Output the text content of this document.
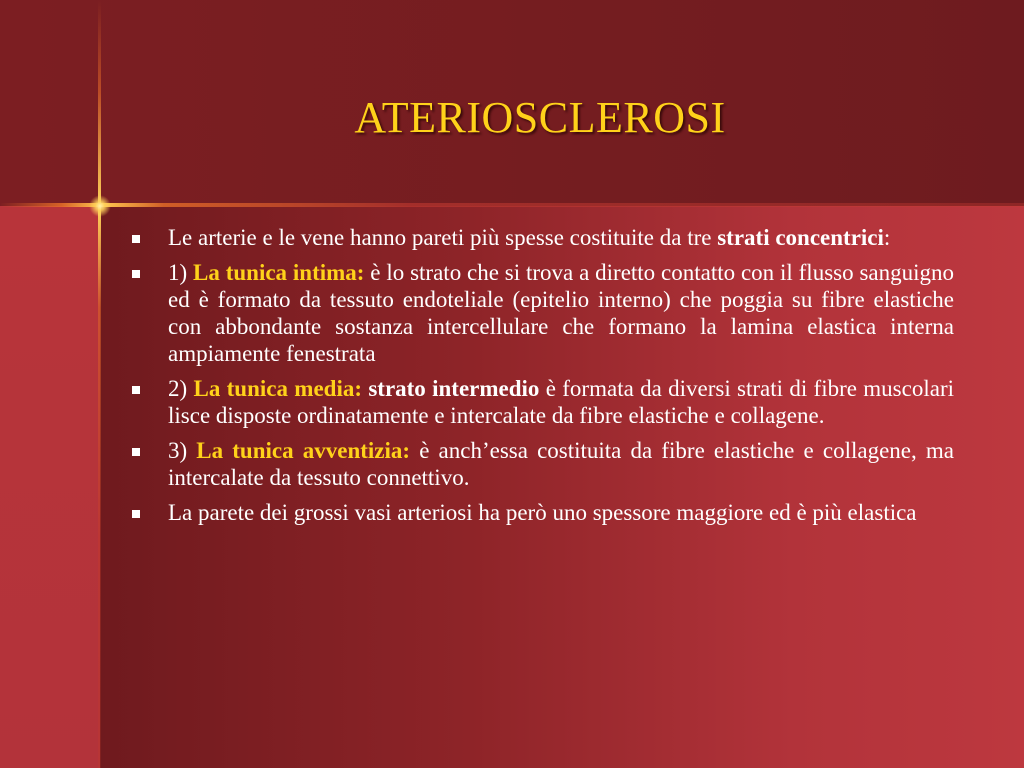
ATERIOSCLEROSI
Le arterie e le vene hanno pareti più spesse costituite da tre strati concentrici:
1) La tunica intima: è lo strato che si trova a diretto contatto con il flusso sanguigno ed è formato da tessuto endoteliale (epitelio interno) che poggia su fibre elastiche con abbondante sostanza intercellulare che formano la lamina elastica interna ampiamente fenestrata
2) La tunica media: strato intermedio è formata da diversi strati di fibre muscolari lisce disposte ordinatamente e intercalate da fibre elastiche e collagene.
3) La tunica avventizia: è anch’essa costituita da fibre elastiche e collagene, ma intercalate da tessuto connettivo.
La parete dei grossi vasi arteriosi ha però uno spessore maggiore ed è più elastica
